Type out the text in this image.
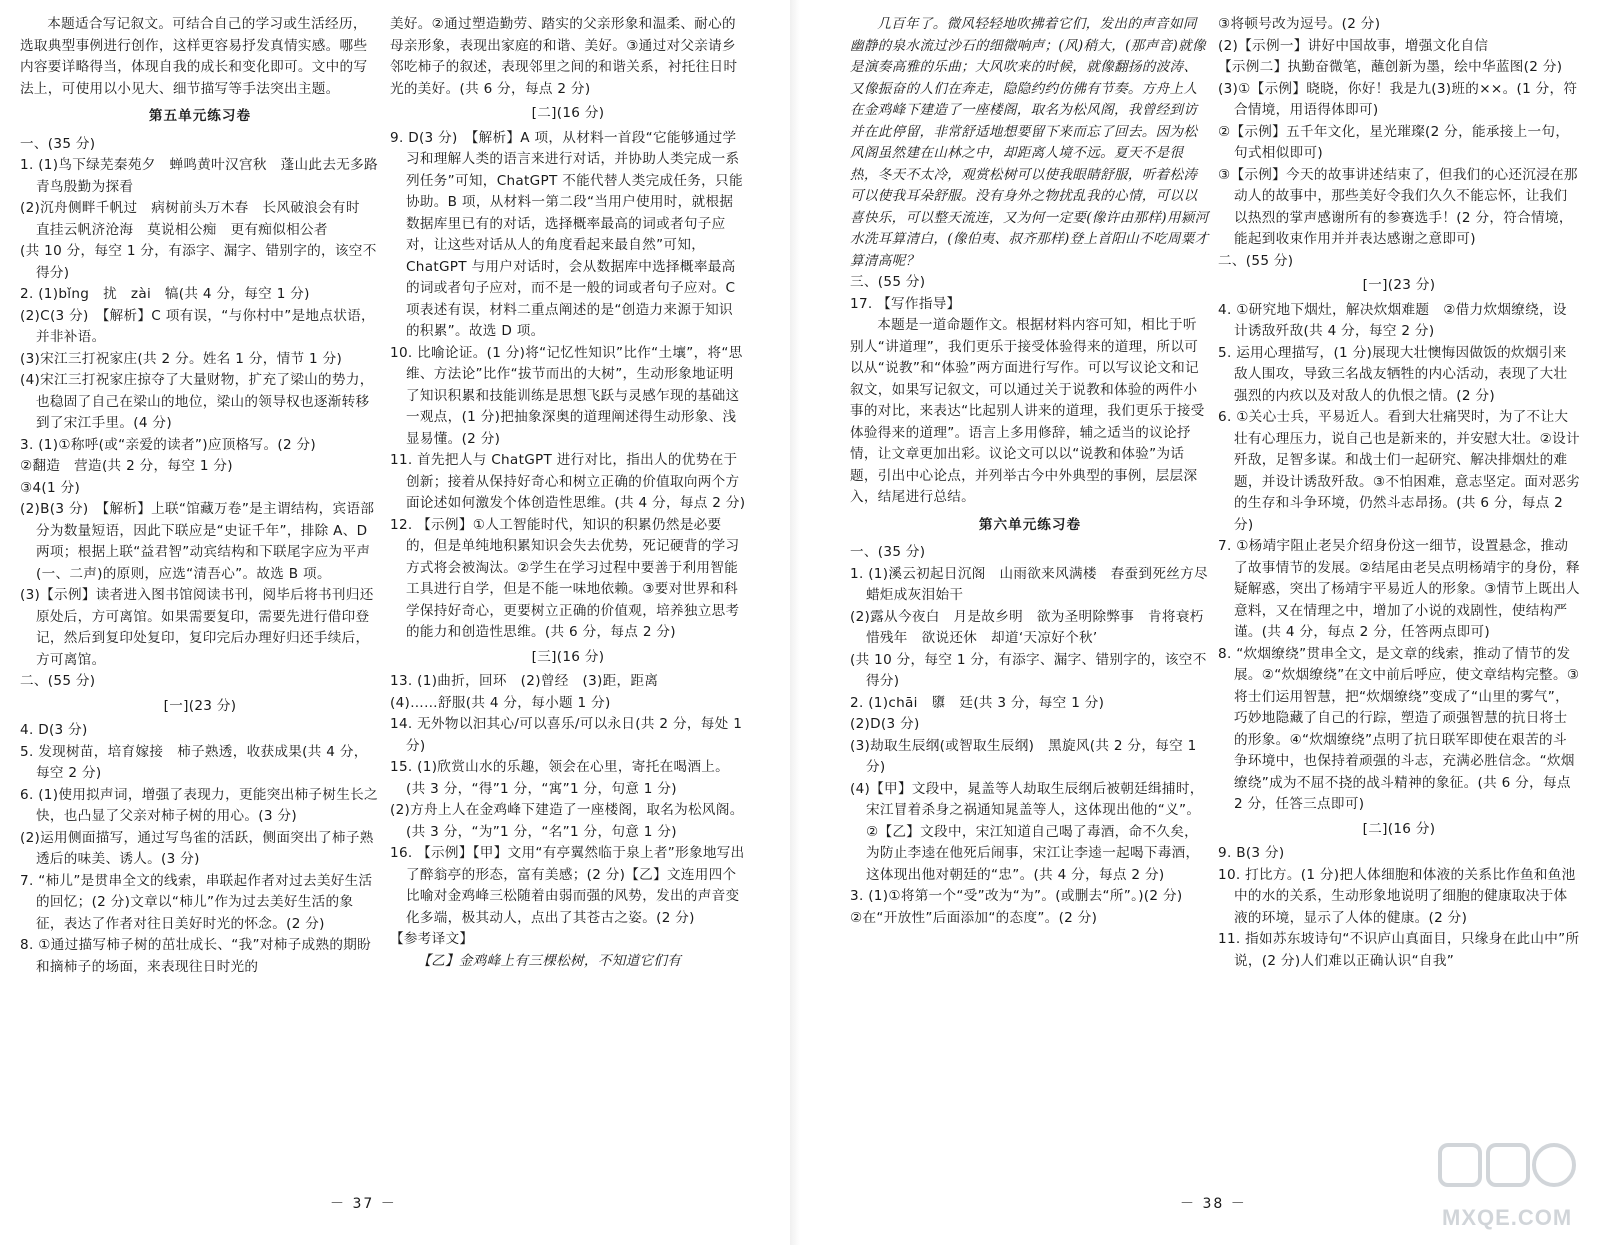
本题适合写记叙文。可结合自己的学习或生活经历，选取典型事例进行创作，这样更容易抒发真情实感。哪些内容要详略得当，体现自我的成长和变化即可。文中的写法上，可使用以小见大、细节描写等手法突出主题。

第五单元练习卷

一、(35 分)

1. (1)鸟下绿芜秦苑夕　蝉鸣黄叶汉宫秋　蓬山此去无多路　青鸟殷勤为探看

(2)沉舟侧畔千帆过　病树前头万木春　长风破浪会有时　直挂云帆济沧海　莫说相公痴　更有痴似相公者

(共 10 分，每空 1 分，有添字、漏字、错别字的，该空不得分)

2. (1)bǐng　扰　zài　犒(共 4 分，每空 1 分)

(2)C(3 分)　【解析】C 项有误，“与你村中”是地点状语，并非补语。

(3)宋江三打祝家庄(共 2 分。姓名 1 分，情节 1 分)

(4)宋江三打祝家庄掠夺了大量财物，扩充了梁山的势力，也稳固了自己在梁山的地位，梁山的领导权也逐渐转移到了宋江手里。(4 分)

3. (1)①称呼(或“亲爱的读者”)应顶格写。(2 分)

②翻造　营造(共 2 分，每空 1 分)

③4(1 分)

(2)B(3 分)　【解析】上联“馆藏万卷”是主谓结构，宾语部分为数量短语，因此下联应是“史证千年”，排除 A、D 两项；根据上联“益君智”动宾结构和下联尾字应为平声(一、二声)的原则，应选“清吾心”。故选 B 项。

(3)【示例】读者进入图书馆阅读书刊，阅毕后将书刊归还原处后，方可离馆。如果需要复印，需要先进行借印登记，然后到复印处复印，复印完后办理好归还手续后，方可离馆。

二、(55 分)

[一](23 分)

4. D(3 分)

5. 发现树苗，培育嫁接　柿子熟透，收获成果(共 4 分，每空 2 分)

6. (1)使用拟声词，增强了表现力，更能突出柿子树生长之快，也凸显了父亲对柿子树的用心。(3 分)

(2)运用侧面描写，通过写鸟雀的活跃，侧面突出了柿子熟透后的味美、诱人。(3 分)

7. “柿儿”是贯串全文的线索，串联起作者对过去美好生活的回忆；(2 分)文章以“柿儿”作为过去美好生活的象征，表达了作者对往日美好时光的怀念。(2 分)

8. ①通过描写柿子树的茁壮成长、“我”对柿子成熟的期盼和摘柿子的场面，来表现往日时光的

美好。②通过塑造勤劳、踏实的父亲形象和温柔、耐心的母亲形象，表现出家庭的和谐、美好。③通过对父亲请乡邻吃柿子的叙述，表现邻里之间的和谐关系，衬托往日时光的美好。(共 6 分，每点 2 分)

[二](16 分)

9. D(3 分)　【解析】A 项，从材料一首段“它能够通过学习和理解人类的语言来进行对话，并协助人类完成一系列任务”可知，ChatGPT 不能代替人类完成任务，只能协助。B 项，从材料一第二段“当用户使用时，就根据数据库里已有的对话，选择概率最高的词或者句子应对，让这些对话从人的角度看起来最自然”可知，ChatGPT 与用户对话时，会从数据库中选择概率最高的词或者句子应对，而不是一般的词或者句子应对。C 项表述有误，材料二重点阐述的是“创造力来源于知识的积累”。故选 D 项。

10. 比喻论证。(1 分)将“记忆性知识”比作“土壤”，将“思维、方法论”比作“拔节而出的大树”，生动形象地证明了知识积累和技能训练是思想飞跃与灵感乍现的基础这一观点，(1 分)把抽象深奥的道理阐述得生动形象、浅显易懂。(2 分)

11. 首先把人与 ChatGPT 进行对比，指出人的优势在于创新；接着从保持好奇心和树立正确的价值取向两个方面论述如何激发个体创造性思维。(共 4 分，每点 2 分)

12. 【示例】①人工智能时代，知识的积累仍然是必要的，但是单纯地积累知识会失去优势，死记硬背的学习方式将会被淘汰。②学生在学习过程中要善于利用智能工具进行自学，但是不能一味地依赖。③要对世界和科学保持好奇心，更要树立正确的价值观，培养独立思考的能力和创造性思维。(共 6 分，每点 2 分)

[三](16 分)

13. (1)曲折，回环　(2)曾经　(3)距，距离

(4)……舒服(共 4 分，每小题 1 分)

14. 无外物以汩其心/可以喜乐/可以永日(共 2 分，每处 1 分)

15. (1)欣赏山水的乐趣，领会在心里，寄托在喝酒上。(共 3 分，“得”1 分，“寓”1 分，句意 1 分)

(2)方舟上人在金鸡峰下建造了一座楼阁，取名为松风阁。(共 3 分，“为”1 分，“名”1 分，句意 1 分)

16. 【示例】【甲】文用“有亭翼然临于泉上者”形象地写出了醉翁亭的形态，富有美感；(2 分)【乙】文连用四个比喻对金鸡峰三松随着由弱而强的风势，发出的声音变化多端，极其动人，点出了其苍古之姿。(2 分)

【参考译文】

【乙】金鸡峰上有三棵松树，不知道它们有

－ 37 －

几百年了。微风轻轻地吹拂着它们，发出的声音如同幽静的泉水流过沙石的细微响声；(风)稍大，(那声音)就像是演奏高雅的乐曲；大风吹来的时候，就像翻扬的波涛、又像振奋的人们在奔走，隐隐约约仿佛有节奏。方舟上人在金鸡峰下建造了一座楼阁，取名为松风阁，我曾经到访并在此停留，非常舒适地想要留下来而忘了回去。因为松风阁虽然建在山林之中，却距离人境不远。夏天不是很热，冬天不太冷，观赏松树可以使我眼睛舒服，听着松涛可以使我耳朵舒服。没有身外之物扰乱我的心情，可以以喜快乐，可以整天流连，又为何一定要(像许由那样)用颍河水洗耳算清白，(像伯夷、叔齐那样)登上首阳山不吃周粟才算清高呢？

三、(55 分)

17. 【写作指导】

本题是一道命题作文。根据材料内容可知，相比于听别人“讲道理”，我们更乐于接受体验得来的道理，所以可以从“说教”和“体验”两方面进行写作。可以写议论文和记叙文，如果写记叙文，可以通过关于说教和体验的两件小事的对比，来表达“比起别人讲来的道理，我们更乐于接受体验得来的道理”。语言上多用修辞，辅之适当的议论抒情，让文章更加出彩。议论文可以以“说教和体验”为话题，引出中心论点，并列举古今中外典型的事例，层层深入，结尾进行总结。

第六单元练习卷

一、(35 分)

1. (1)溪云初起日沉阁　山雨欲来风满楼　春蚕到死丝方尽　蜡炬成灰泪始干

(2)露从今夜白　月是故乡明　欲为圣明除弊事　肯将衰朽惜残年　欲说还休　却道‘天凉好个秋’

(共 10 分，每空 1 分，有添字、漏字、错别字的，该空不得分)

2. (1)chāi　隳　廷(共 3 分，每空 1 分)

(2)D(3 分)

(3)劫取生辰纲(或智取生辰纲)　黑旋风(共 2 分，每空 1 分)

(4)【甲】文段中，晁盖等人劫取生辰纲后被朝廷缉捕时，宋江冒着杀身之祸通知晁盖等人，这体现出他的“义”。②【乙】文段中，宋江知道自己喝了毒酒，命不久矣，为防止李逵在他死后闹事，宋江让李逵一起喝下毒酒，这体现出他对朝廷的“忠”。(共 4 分，每点 2 分)

3. (1)①将第一个“受”改为“为”。(或删去“所”。)(2 分)

②在“开放性”后面添加“的态度”。(2 分)

③将顿号改为逗号。(2 分)

(2)【示例一】讲好中国故事，增强文化自信

【示例二】执勤奋微笔，蘸创新为墨，绘中华蓝图(2 分)

(3)①【示例】晓晓，你好！我是九(3)班的××。(1 分，符合情境，用语得体即可)

②【示例】五千年文化，星光璀璨(2 分，能承接上一句，句式相似即可)

③【示例】今天的故事讲述结束了，但我们的心还沉浸在那动人的故事中，那些美好令我们久久不能忘怀，让我们以热烈的掌声感谢所有的参赛选手！(2 分，符合情境，能起到收束作用并并表达感谢之意即可)

二、(55 分)

[一](23 分)

4. ①研究地下烟灶，解决炊烟难题　②借力炊烟缭绕，设计诱敌歼敌(共 4 分，每空 2 分)

5. 运用心理描写，(1 分)展现大壮懊悔因做饭的炊烟引来敌人围攻，导致三名战友牺牲的内心活动，表现了大壮强烈的内疚以及对敌人的仇恨之情。(2 分)

6. ①关心士兵，平易近人。看到大壮痛哭时，为了不让大壮有心理压力，说自己也是新来的，并安慰大壮。②设计歼敌，足智多谋。和战士们一起研究、解决排烟灶的难题，并设计诱敌歼敌。③不怕困难，意志坚定。面对恶劣的生存和斗争环境，仍然斗志昂扬。(共 6 分，每点 2 分)

7. ①杨靖宇阻止老吴介绍身份这一细节，设置悬念，推动了故事情节的发展。②结尾由老吴点明杨靖宇的身份，释疑解惑，突出了杨靖宇平易近人的形象。③情节上既出人意料，又在情理之中，增加了小说的戏剧性，使结构严谨。(共 4 分，每点 2 分，任答两点即可)

8. “炊烟缭绕”贯串全文，是文章的线索，推动了情节的发展。②“炊烟缭绕”在文中前后呼应，使文章结构完整。③将士们运用智慧，把“炊烟缭绕”变成了“山里的雾气”，巧妙地隐藏了自己的行踪，塑造了顽强智慧的抗日将士的形象。④“炊烟缭绕”点明了抗日联军即使在艰苦的斗争环境中，也保持着顽强的斗志，充满必胜信念。“炊烟缭绕”成为不屈不挠的战斗精神的象征。(共 6 分，每点 2 分，任答三点即可)

[二](16 分)

9. B(3 分)

10. 打比方。(1 分)把人体细胞和体液的关系比作鱼和鱼池中的水的关系，生动形象地说明了细胞的健康取决于体液的环境，显示了人体的健康。(2 分)

11. 指如苏东坡诗句“不识庐山真面目，只缘身在此山中”所说，(2 分)人们难以正确认识“自我”

－ 38 －
MXQE.COM
